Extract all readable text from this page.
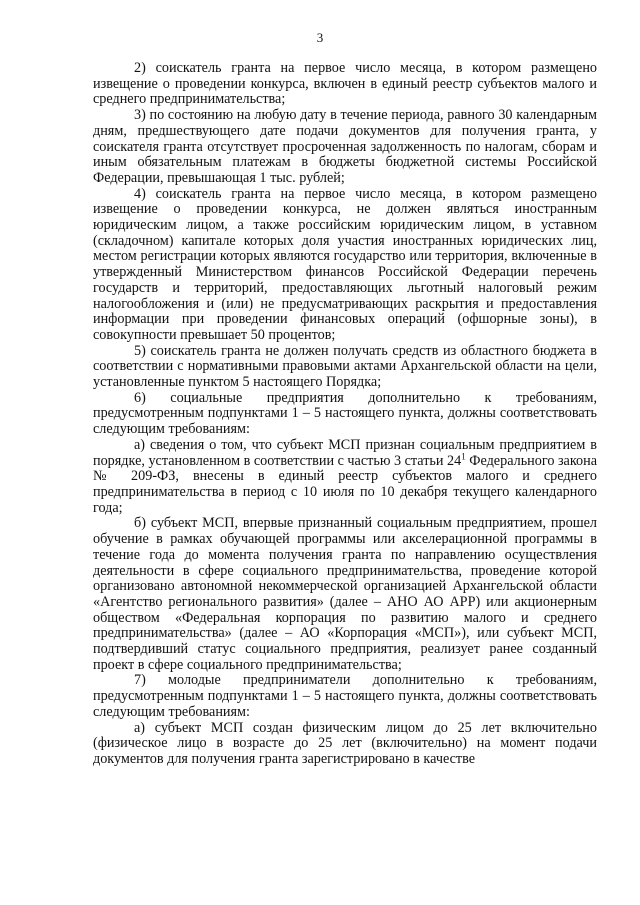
3

2) соискатель гранта на первое число месяца, в котором размещено извещение о проведении конкурса, включен в единый реестр субъектов малого и среднего предпринимательства;

3) по состоянию на любую дату в течение периода, равного 30 календарным дням, предшествующего дате подачи документов для получения гранта, у соискателя гранта отсутствует просроченная задолженность по налогам, сборам и иным обязательным платежам в бюджеты бюджетной системы Российской Федерации, превышающая 1 тыс. рублей;

4) соискатель гранта на первое число месяца, в котором размещено извещение о проведении конкурса, не должен являться иностранным юридическим лицом, а также российским юридическим лицом, в уставном (складочном) капитале которых доля участия иностранных юридических лиц, местом регистрации которых являются государство или территория, включенные в утвержденный Министерством финансов Российской Федерации перечень государств и территорий, предоставляющих льготный налоговый режим налогообложения и (или) не предусматривающих раскрытия и предоставления информации при проведении финансовых операций (офшорные зоны), в совокупности превышает 50 процентов;

5) соискатель гранта не должен получать средств из областного бюджета в соответствии с нормативными правовыми актами Архангельской области на цели, установленные пунктом 5 настоящего Порядка;

6) социальные предприятия дополнительно к требованиям, предусмотренным подпунктами 1 – 5 настоящего пункта, должны соответствовать следующим требованиям:

а) сведения о том, что субъект МСП признан социальным предприятием в порядке, установленном в соответствии с частью 3 статьи $24^1$ Федерального закона № 209-ФЗ, внесены в единый реестр субъектов малого и среднего предпринимательства в период с 10 июля по 10 декабря текущего календарного года;

б) субъект МСП, впервые признанный социальным предприятием, прошел обучение в рамках обучающей программы или акселерационной программы в течение года до момента получения гранта по направлению осуществления деятельности в сфере социального предпринимательства, проведение которой организовано автономной некоммерческой организацией Архангельской области «Агентство регионального развития» (далее – АНО АО АРР) или акционерным обществом «Федеральная корпорация по развитию малого и среднего предпринимательства» (далее – АО «Корпорация «МСП»), или субъект МСП, подтвердивший статус социального предприятия, реализует ранее созданный проект в сфере социального предпринимательства;

7) молодые предприниматели дополнительно к требованиям, предусмотренным подпунктами 1 – 5 настоящего пункта, должны соответствовать следующим требованиям:

а) субъект МСП создан физическим лицом до 25 лет включительно (физическое лицо в возрасте до 25 лет (включительно) на момент подачи документов для получения гранта зарегистрировано в качестве
